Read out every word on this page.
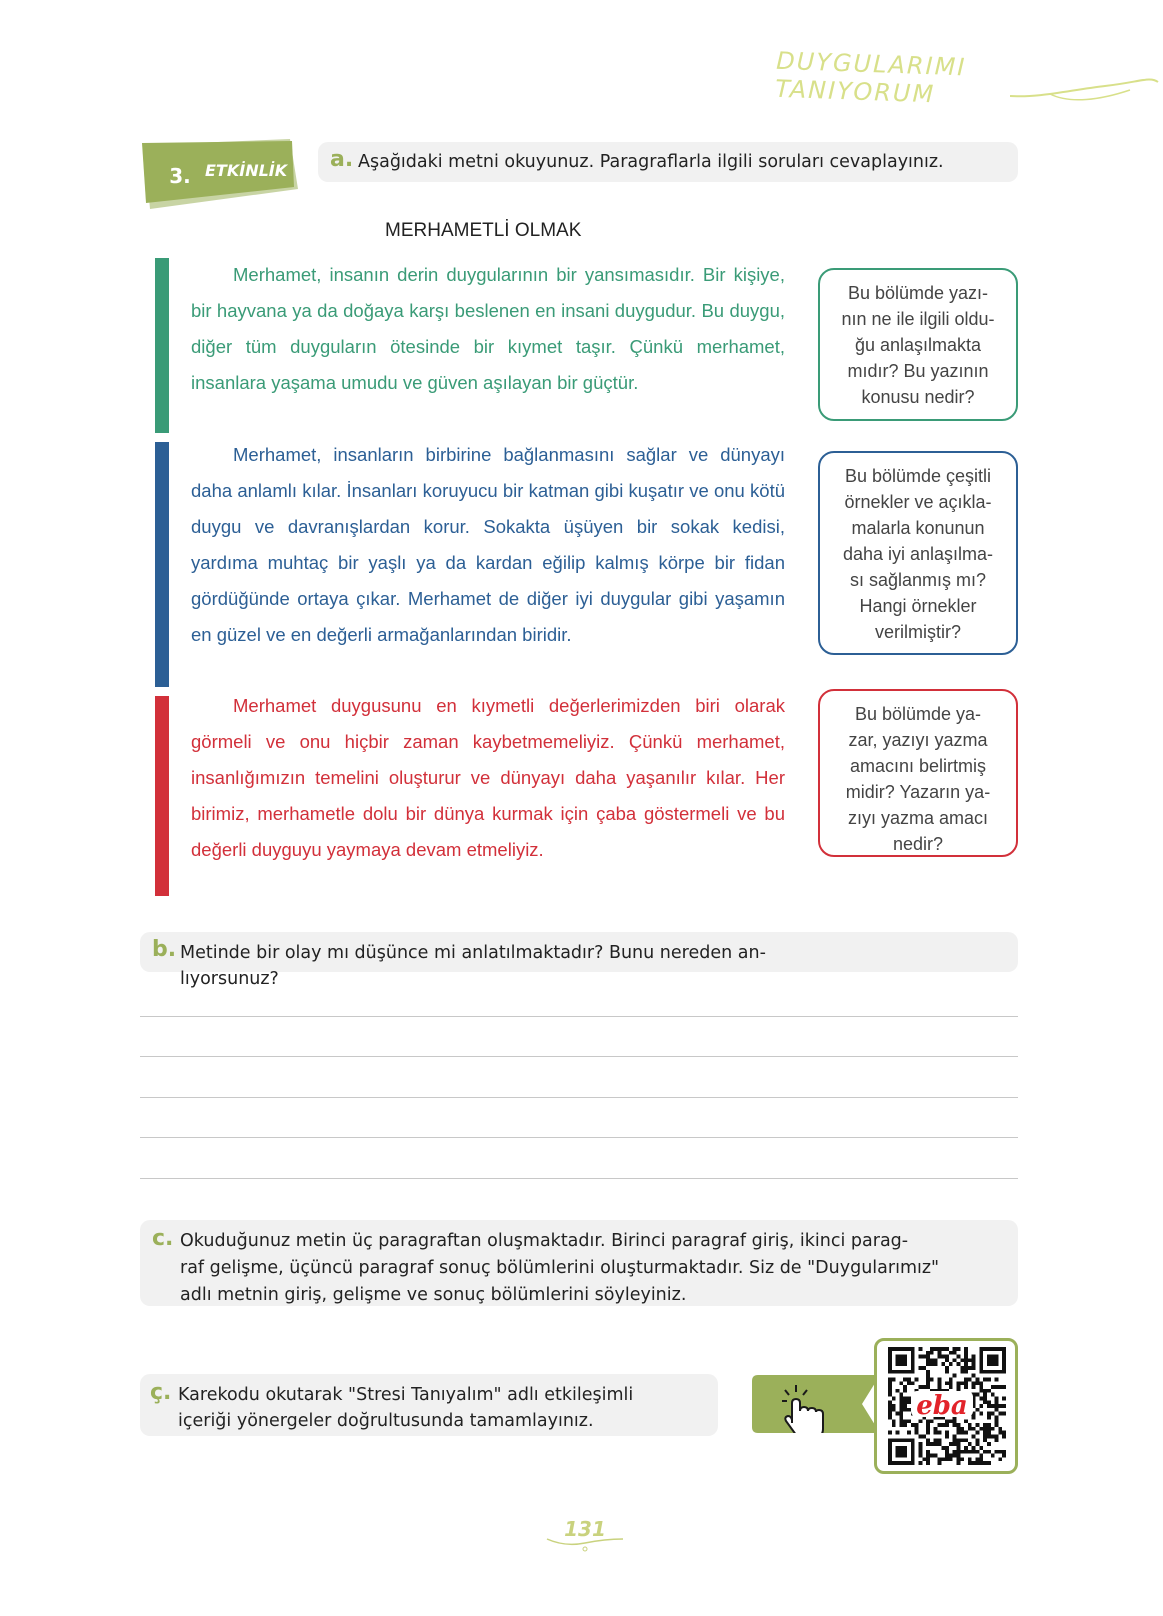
DUYGULARIMI TANIYORUM
3. ETKİNLİK a. Aşağıdaki metni okuyunuz. Paragraflarla ilgili soruları cevaplayınız.
MERHAMETLİ OLMAK
Merhamet, insanın derin duygularının bir yansımasıdır. Bir kişiye, bir hayvana ya da doğaya karşı beslenen en insani duygudur. Bu duygu, diğer tüm duyguların ötesinde bir kıymet taşır. Çünkü merhamet, insanlara yaşama umudu ve güven aşılayan bir güçtür.
Merhamet, insanların birbirine bağlanmasını sağlar ve dünyayı daha anlamlı kılar. İnsanları koruyucu bir katman gibi kuşatır ve onu kötü duygu ve davranışlardan korur. Sokakta üşüyen bir sokak kedisi, yardıma muhtaç bir yaşlı ya da kardan eğilip kalmış körpe bir fidan gördüğünde ortaya çıkar. Merhamet de diğer iyi duygular gibi yaşamın en güzel ve en değerli armağanlarından biridir.
Merhamet duygusunu en kıymetli değerlerimizden biri olarak görmeli ve onu hiçbir zaman kaybetmemeliyiz. Çünkü merhamet, insanlığımızın temelini oluşturur ve dünyayı daha yaşanılır kılar. Her birimiz, merhametle dolu bir dünya kurmak için çaba göstermeli ve bu değerli duyguyu yaymaya devam etmeliyiz.
Bu bölümde yazı-
nın ne ile ilgili oldu-
ğu anlaşılmakta
mıdır? Bu yazının
konusu nedir?
Bu bölümde çeşitli
örnekler ve açıkla-
malarla konunun
daha iyi anlaşılma-
sı sağlanmış mı?
Hangi örnekler
verilmiştir?
Bu bölümde ya-
zar, yazıyı yazma
amacını belirtmiş
midir? Yazarın ya-
zıyı yazma amacı
nedir?
b. Metinde bir olay mı düşünce mi anlatılmaktadır? Bunu nereden an-
lıyorsunuz?
c. Okuduğunuz metin üç paragraftan oluşmaktadır. Birinci paragraf giriş, ikinci parag-
raf gelişme, üçüncü paragraf sonuç bölümlerini oluşturmaktadır. Siz de "Duygularımız"
adlı metnin giriş, gelişme ve sonuç bölümlerini söyleyiniz.
ç. Karekodu okutarak "Stresi Tanıyalım" adlı etkileşimli
içeriği yönergeler doğrultusunda tamamlayınız.	eba
131
